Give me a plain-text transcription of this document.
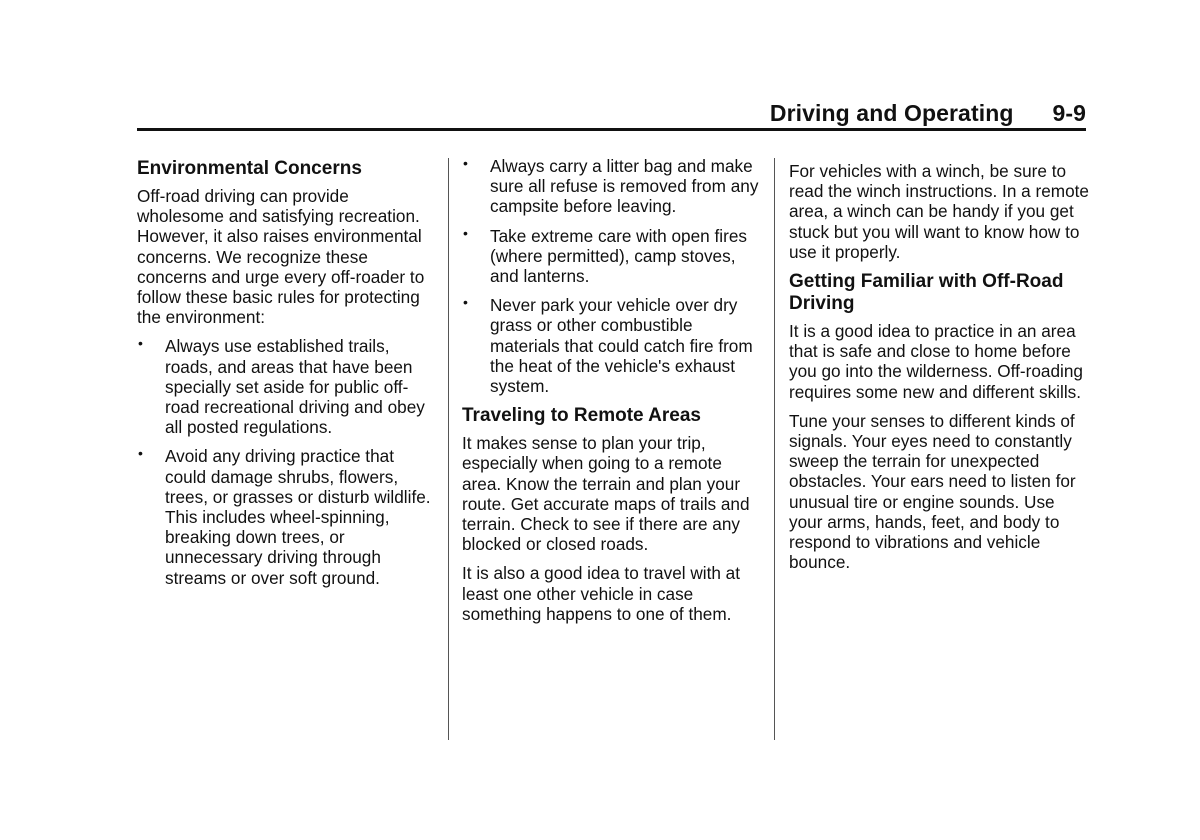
Driving and Operating 9-9
Environmental Concerns

Off-road driving can provide wholesome and satisfying recreation. However, it also raises environmental concerns. We recognize these concerns and urge every off-roader to follow these basic rules for protecting the environment:

• Always use established trails, roads, and areas that have been specially set aside for public off-road recreational driving and obey all posted regulations.
• Avoid any driving practice that could damage shrubs, flowers, trees, or grasses or disturb wildlife. This includes wheel-spinning, breaking down trees, or unnecessary driving through streams or over soft ground.
• Always carry a litter bag and make sure all refuse is removed from any campsite before leaving.
• Take extreme care with open fires (where permitted), camp stoves, and lanterns.
• Never park your vehicle over dry grass or other combustible materials that could catch fire from the heat of the vehicle's exhaust system.
Traveling to Remote Areas

It makes sense to plan your trip, especially when going to a remote area. Know the terrain and plan your route. Get accurate maps of trails and terrain. Check to see if there are any blocked or closed roads.

It is also a good idea to travel with at least one other vehicle in case something happens to one of them.

For vehicles with a winch, be sure to read the winch instructions. In a remote area, a winch can be handy if you get stuck but you will want to know how to use it properly.

Getting Familiar with Off-Road Driving

It is a good idea to practice in an area that is safe and close to home before you go into the wilderness. Off-roading requires some new and different skills.

Tune your senses to different kinds of signals. Your eyes need to constantly sweep the terrain for unexpected obstacles. Your ears need to listen for unusual tire or engine sounds. Use your arms, hands, feet, and body to respond to vibrations and vehicle bounce.
